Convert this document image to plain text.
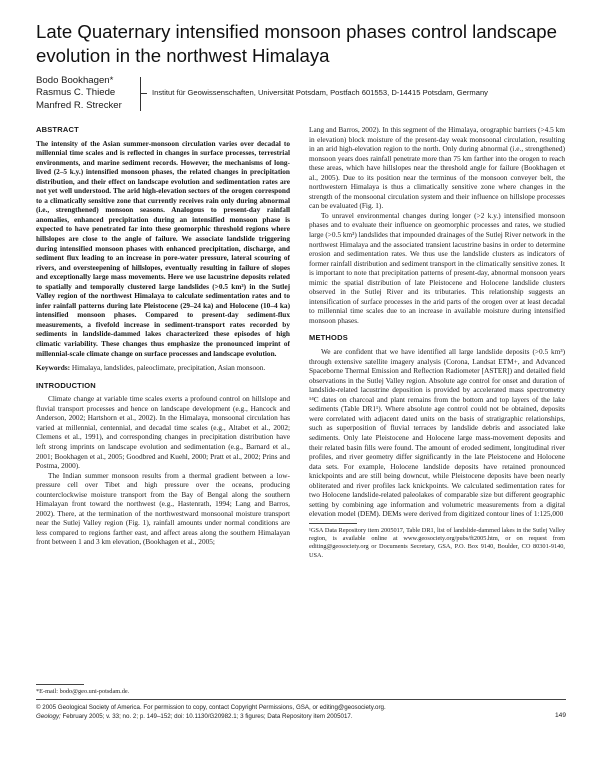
Late Quaternary intensified monsoon phases control landscape evolution in the northwest Himalaya
Bodo Bookhagen*
Rasmus C. Thiede
Manfred R. Strecker
Institut für Geowissenschaften, Universität Potsdam, Postfach 601553, D-14415 Potsdam, Germany
ABSTRACT

The intensity of the Asian summer-monsoon circulation varies over decadal to millennial time scales and is reflected in changes in surface processes, terrestrial environments, and marine sediment records. However, the mechanisms of long-lived (2–5 k.y.) intensified monsoon phases, the related changes in precipitation distribution, and their effect on landscape evolution and sedimentation rates are not yet well understood. The arid high-elevation sectors of the orogen correspond to a climatically sensitive zone that currently receives rain only during abnormal (i.e., strengthened) monsoon seasons. Analogous to present-day rainfall anomalies, enhanced precipitation during an intensified monsoon phase is expected to have penetrated far into these geomorphic threshold regions where hillslopes are close to the angle of failure. We associate landslide triggering during intensified monsoon phases with enhanced precipitation, discharge, and sediment flux leading to an increase in pore-water pressure, lateral scouring of rivers, and oversteepening of hillslopes, eventually resulting in failure of slopes and exceptionally large mass movements. Here we use lacustrine deposits related to spatially and temporally clustered large landslides (>0.5 km³) in the Sutlej Valley region of the northwest Himalaya to calculate sedimentation rates and to infer rainfall patterns during late Pleistocene (29–24 ka) and Holocene (10–4 ka) intensified monsoon phases. Compared to present-day sediment-flux measurements, a fivefold increase in sediment-transport rates recorded by sediments in landslide-dammed lakes characterized these episodes of high climatic variability. These changes thus emphasize the pronounced imprint of millennial-scale climate change on surface processes and landscape evolution.

Keywords: Himalaya, landslides, paleoclimate, precipitation, Asian monsoon.

INTRODUCTION

Climate change at variable time scales exerts a profound control on hillslope and fluvial transport processes and hence on landscape development (e.g., Hancock and Anderson, 2002; Hartshorn et al., 2002). In the Himalaya, monsoonal circulation has varied at millennial, centennial, and decadal time scales (e.g., Altabet et al., 2002; Clemens et al., 1991), and corresponding changes in precipitation distribution have left strong imprints on landscape evolution and sedimentation (e.g., Barnard et al., 2001; Bookhagen et al., 2005; Goodbred and Kuehl, 2000; Pratt et al., 2002; Prins and Postma, 2000).

The Indian summer monsoon results from a thermal gradient between a low-pressure cell over Tibet and high pressure over the oceans, producing counterclockwise moisture transport from the Bay of Bengal along the southern Himalayan front toward the northwest (e.g., Hastenrath, 1994; Lang and Barros, 2002). There, at the termination of the northwestward monsoonal moisture transport near the Sutlej Valley region (Fig. 1), rainfall amounts under normal conditions are less compared to regions farther east, and affect areas along the southern Himalayan front between 1 and 3 km elevation, (Bookhagen et al., 2005;

*E-mail: bodo@geo.uni-potsdam.de.

Lang and Barros, 2002). In this segment of the Himalaya, orographic barriers (>4.5 km in elevation) block moisture of the present-day weak monsoonal circulation, resulting in an arid high-elevation region to the north. Only during abnormal (i.e., strengthened) monsoon years does rainfall penetrate more than 75 km farther into the orogen to reach these areas, which have hillslopes near the threshold angle for failure (Bookhagen et al., 2005). Due to its position near the terminus of the monsoon conveyer belt, the northwestern Himalaya is thus a climatically sensitive zone where changes in the strength of the monsoonal circulation system and their influence on hillslope processes can be evaluated (Fig. 1).

To unravel environmental changes during longer (>2 k.y.) intensified monsoon phases and to evaluate their influence on geomorphic processes and rates, we studied large (>0.5 km³) landslides that impounded drainages of the Sutlej River network in the northwest Himalaya and the associated transient lacustrine basins in order to determine erosion and sedimentation rates. We thus use the landslide clusters as indicators of former rainfall distribution and sediment transport in the climatically sensitive zones. It is important to note that precipitation patterns of present-day, abnormal monsoon years mimic the spatial distribution of late Pleistocene and Holocene landslide clusters observed in the Sutlej River and its tributaries. This relationship suggests an intensification of surface processes in the arid parts of the orogen over at least decadal to millennial time scales due to an increase in available moisture during intensified monsoon phases.

METHODS

We are confident that we have identified all large landslide deposits (>0.5 km³) through extensive satellite imagery analysis (Corona, Landsat ETM+, and Advanced Spaceborne Thermal Emission and Reflection Radiometer [ASTER]) and detailed field observations in the Sutlej Valley region. Absolute age control for onset and duration of landslide-related lacustrine deposition is provided by accelerated mass spectrometry ¹⁴C dates on charcoal and plant remains from the bottom and top layers of the lake sediments (Table DR1¹). Where absolute age control could not be obtained, deposits were correlated with adjacent dated units on the basis of stratigraphic relationships, such as superposition of fluvial terraces by landslide debris and associated lake sediments. Only late Pleistocene and Holocene large mass-movement deposits and their related basin fills were found. The amount of eroded sediment, longitudinal river profiles, and river geometry differ significantly in the late Pleistocene and Holocene data sets. For example, Holocene landslide deposits have retained pronounced knickpoints and are still being downcut, while Pleistocene deposits have been nearly obliterated and river profiles lack knickpoints. We calculated sedimentation rates for two Holocene landslide-related paleolakes of comparable size but different geographic setting by combining age information and volumetric measurements from a digital elevation model (DEM). DEMs were derived from digitized contour lines of 1:125,000

¹GSA Data Repository item 2005017, Table DR1, list of landslide-dammed lakes in the Sutlej Valley region, is available online at www.geosociety.org/pubs/ft2005.htm, or on request from editing@geosociety.org or Documents Secretary, GSA, P.O. Box 9140, Boulder, CO 80301-9140, USA.
© 2005 Geological Society of America. For permission to copy, contact Copyright Permissions, GSA, or editing@geosociety.org.
Geology; February 2005; v. 33; no. 2; p. 149–152; doi: 10.1130/G20982.1; 3 figures; Data Repository item 2005017.	149
